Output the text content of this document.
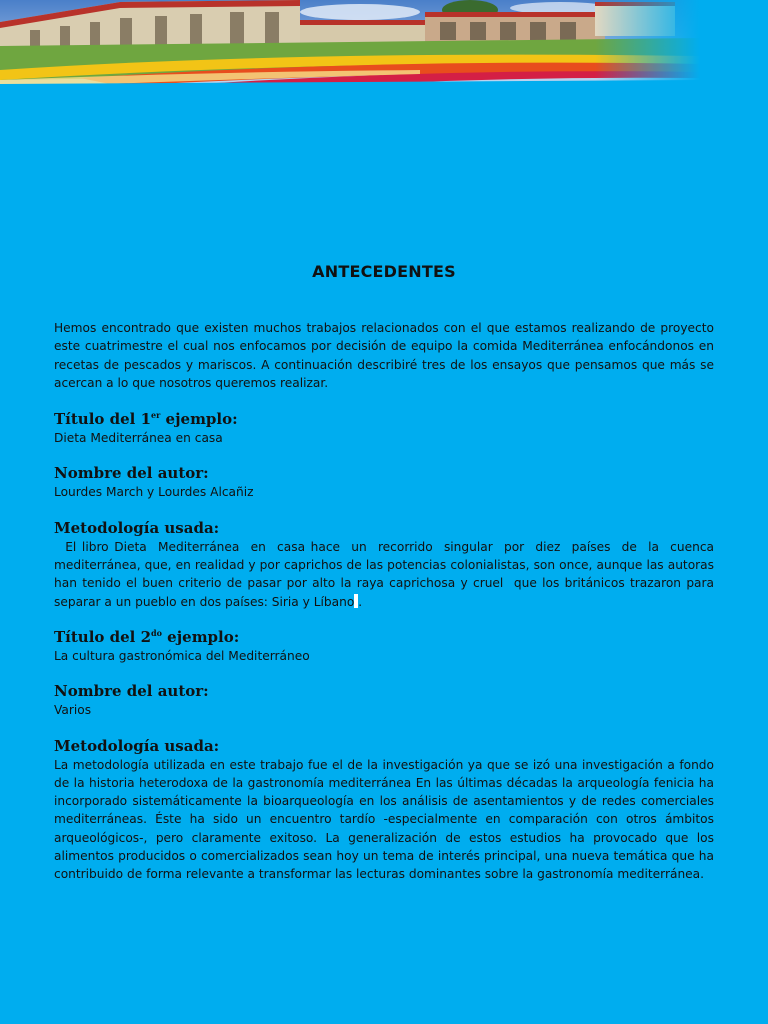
ANTECEDENTES

Hemos encontrado que existen muchos trabajos relacionados con el que estamos realizando de proyecto este cuatrimestre el cual nos enfocamos por decisión de equipo la comida Mediterránea enfocándonos en recetas de pescados y mariscos. A continuación describiré tres de los ensayos que pensamos que más se acercan a lo que nosotros queremos realizar.

Título del 1er ejemplo:

Dieta Mediterránea en casa

Nombre del autor:

Lourdes March y Lourdes Alcañiz

Metodología usada:

El libro Dieta  Mediterránea  en  casa hace  un  recorrido  singular  por  diez  países  de  la  cuenca mediterránea, que, en realidad y por caprichos de las potencias colonialistas, son once, aunque las autoras han tenido el buen criterio de pasar por alto la raya caprichosa y cruel  que los británicos trazaron para separar a un pueblo en dos países: Siria y Líbano .

Título del $2^{do}$ ejemplo:

La cultura gastronómica del Mediterráneo

Nombre del autor:

Varios

Metodología usada:

La metodología utilizada en este trabajo fue el de la investigación ya que se izó una investigación a fondo de la historia heterodoxa de la gastronomía mediterránea En las últimas décadas la arqueología fenicia ha incorporado sistemáticamente la bioarqueología en los análisis de asentamientos y de redes comerciales mediterráneas. Éste ha sido un encuentro tardío -especialmente en comparación con otros ámbitos arqueológicos-, pero claramente exitoso. La generalización de estos estudios ha provocado que los alimentos producidos o comercializados sean hoy un tema de interés principal, una nueva temática que ha contribuido de forma relevante a transformar las lecturas dominantes sobre la gastronomía mediterránea.
